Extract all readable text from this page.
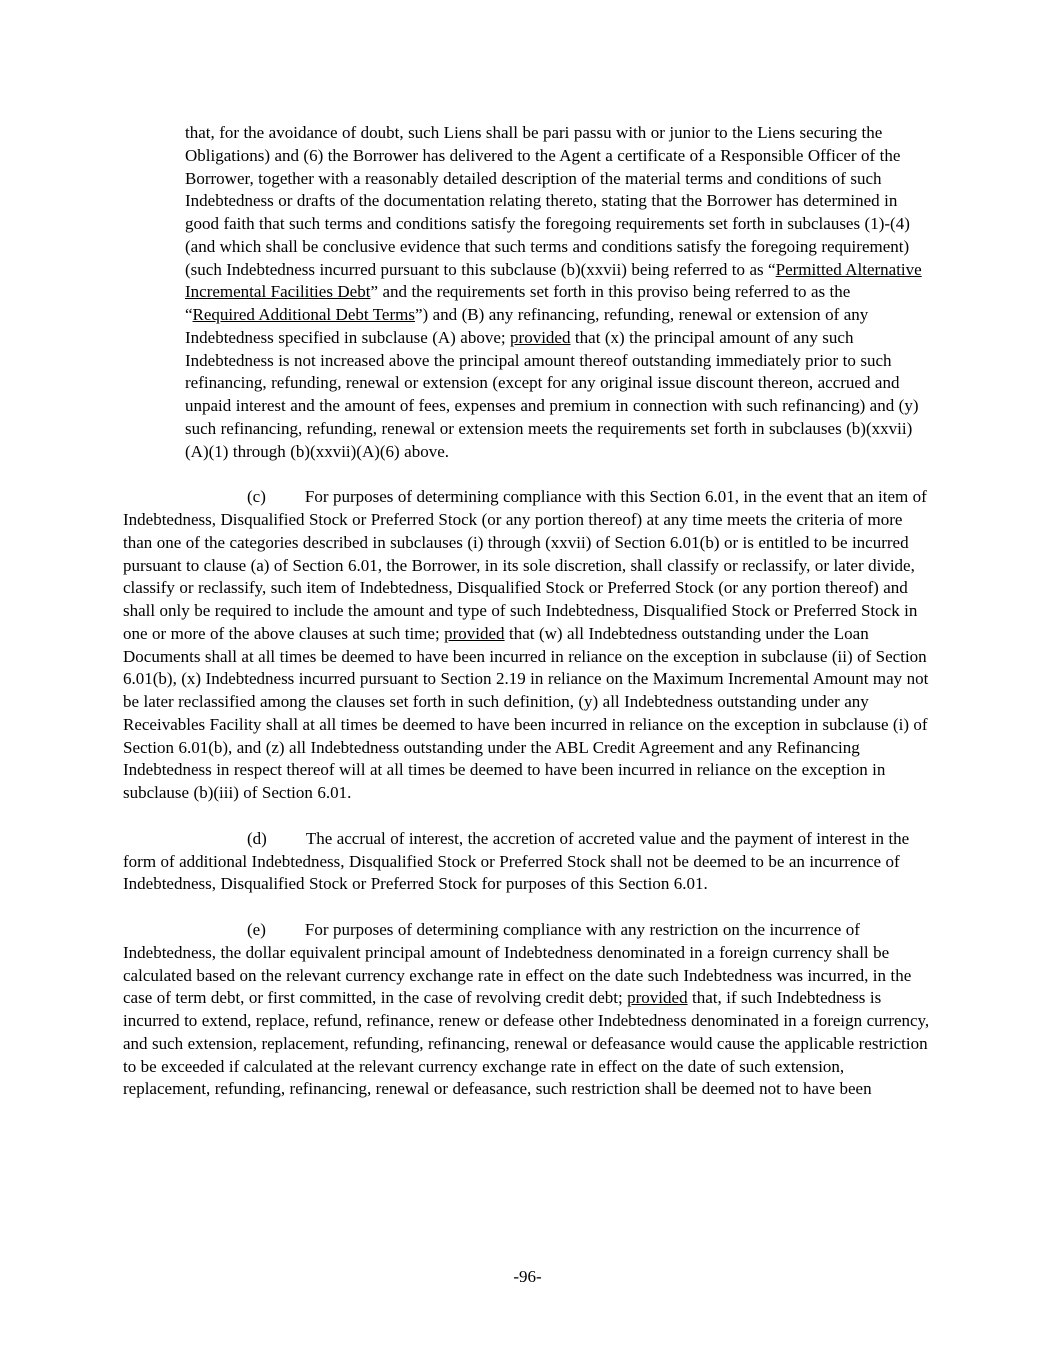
that, for the avoidance of doubt, such Liens shall be pari passu with or junior to the Liens securing the Obligations) and (6) the Borrower has delivered to the Agent a certificate of a Responsible Officer of the Borrower, together with a reasonably detailed description of the material terms and conditions of such Indebtedness or drafts of the documentation relating thereto, stating that the Borrower has determined in good faith that such terms and conditions satisfy the foregoing requirements set forth in subclauses (1)-(4) (and which shall be conclusive evidence that such terms and conditions satisfy the foregoing requirement) (such Indebtedness incurred pursuant to this subclause (b)(xxvii) being referred to as “Permitted Alternative Incremental Facilities Debt” and the requirements set forth in this proviso being referred to as the “Required Additional Debt Terms”) and (B) any refinancing, refunding, renewal or extension of any Indebtedness specified in subclause (A) above; provided that (x) the principal amount of any such Indebtedness is not increased above the principal amount thereof outstanding immediately prior to such refinancing, refunding, renewal or extension (except for any original issue discount thereon, accrued and unpaid interest and the amount of fees, expenses and premium in connection with such refinancing) and (y) such refinancing, refunding, renewal or extension meets the requirements set forth in subclauses (b)(xxvii)(A)(1) through (b)(xxvii)(A)(6) above.

(c) For purposes of determining compliance with this Section 6.01, in the event that an item of Indebtedness, Disqualified Stock or Preferred Stock (or any portion thereof) at any time meets the criteria of more than one of the categories described in subclauses (i) through (xxvii) of Section 6.01(b) or is entitled to be incurred pursuant to clause (a) of Section 6.01, the Borrower, in its sole discretion, shall classify or reclassify, or later divide, classify or reclassify, such item of Indebtedness, Disqualified Stock or Preferred Stock (or any portion thereof) and shall only be required to include the amount and type of such Indebtedness, Disqualified Stock or Preferred Stock in one or more of the above clauses at such time; provided that (w) all Indebtedness outstanding under the Loan Documents shall at all times be deemed to have been incurred in reliance on the exception in subclause (ii) of Section 6.01(b), (x) Indebtedness incurred pursuant to Section 2.19 in reliance on the Maximum Incremental Amount may not be later reclassified among the clauses set forth in such definition, (y) all Indebtedness outstanding under any Receivables Facility shall at all times be deemed to have been incurred in reliance on the exception in subclause (i) of Section 6.01(b), and (z) all Indebtedness outstanding under the ABL Credit Agreement and any Refinancing Indebtedness in respect thereof will at all times be deemed to have been incurred in reliance on the exception in subclause (b)(iii) of Section 6.01.

(d) The accrual of interest, the accretion of accreted value and the payment of interest in the form of additional Indebtedness, Disqualified Stock or Preferred Stock shall not be deemed to be an incurrence of Indebtedness, Disqualified Stock or Preferred Stock for purposes of this Section 6.01.

(e) For purposes of determining compliance with any restriction on the incurrence of Indebtedness, the dollar equivalent principal amount of Indebtedness denominated in a foreign currency shall be calculated based on the relevant currency exchange rate in effect on the date such Indebtedness was incurred, in the case of term debt, or first committed, in the case of revolving credit debt; provided that, if such Indebtedness is incurred to extend, replace, refund, refinance, renew or defease other Indebtedness denominated in a foreign currency, and such extension, replacement, refunding, refinancing, renewal or defeasance would cause the applicable restriction to be exceeded if calculated at the relevant currency exchange rate in effect on the date of such extension, replacement, refunding, refinancing, renewal or defeasance, such restriction shall be deemed not to have been

-96-
